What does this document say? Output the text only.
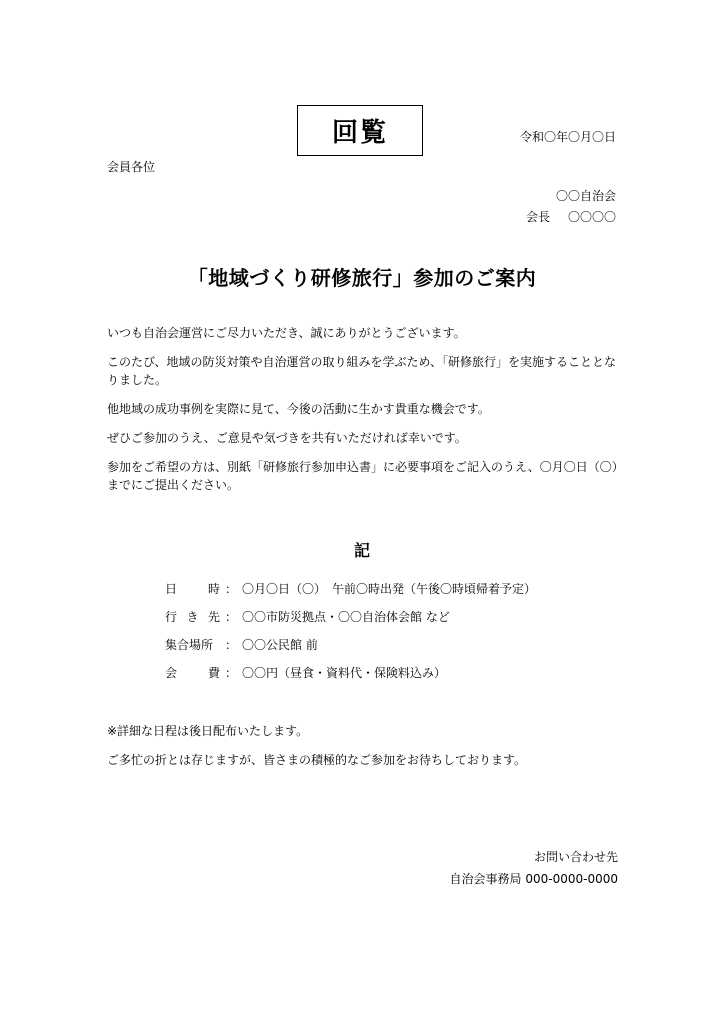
回覧	令和〇年〇月〇日
会員各位
〇〇自治会
会長 〇〇〇〇
「地域づくり研修旅行」参加のご案内

いつも自治会運営にご尽力いただき、誠にありがとうございます。

このたび、地域の防災対策や自治運営の取り組みを学ぶため、「研修旅行」を実施することとなりました。

他地域の成功事例を実際に見て、今後の活動に生かす貴重な機会です。

ぜひご参加のうえ、ご意見や気づきを共有いただければ幸いです。

参加をご希望の方は、別紙「研修旅行参加申込書」に必要事項をご記入のうえ、〇月〇日（〇）までにご提出ください。

記
日	時 ： 〇月〇日（〇）　午前〇時出発（午後〇時頃帰着予定）
行 き 先 ： 〇〇市防災拠点・〇〇自治体会館 など
集合場所 ： 〇〇公民館 前
会	費 ： 〇〇円（昼食・資料代・保険料込み）

※詳細な日程は後日配布いたします。

ご多忙の折とは存じますが、皆さまの積極的なご参加をお待ちしております。

お問い合わせ先
自治会事務局 000-0000-0000
